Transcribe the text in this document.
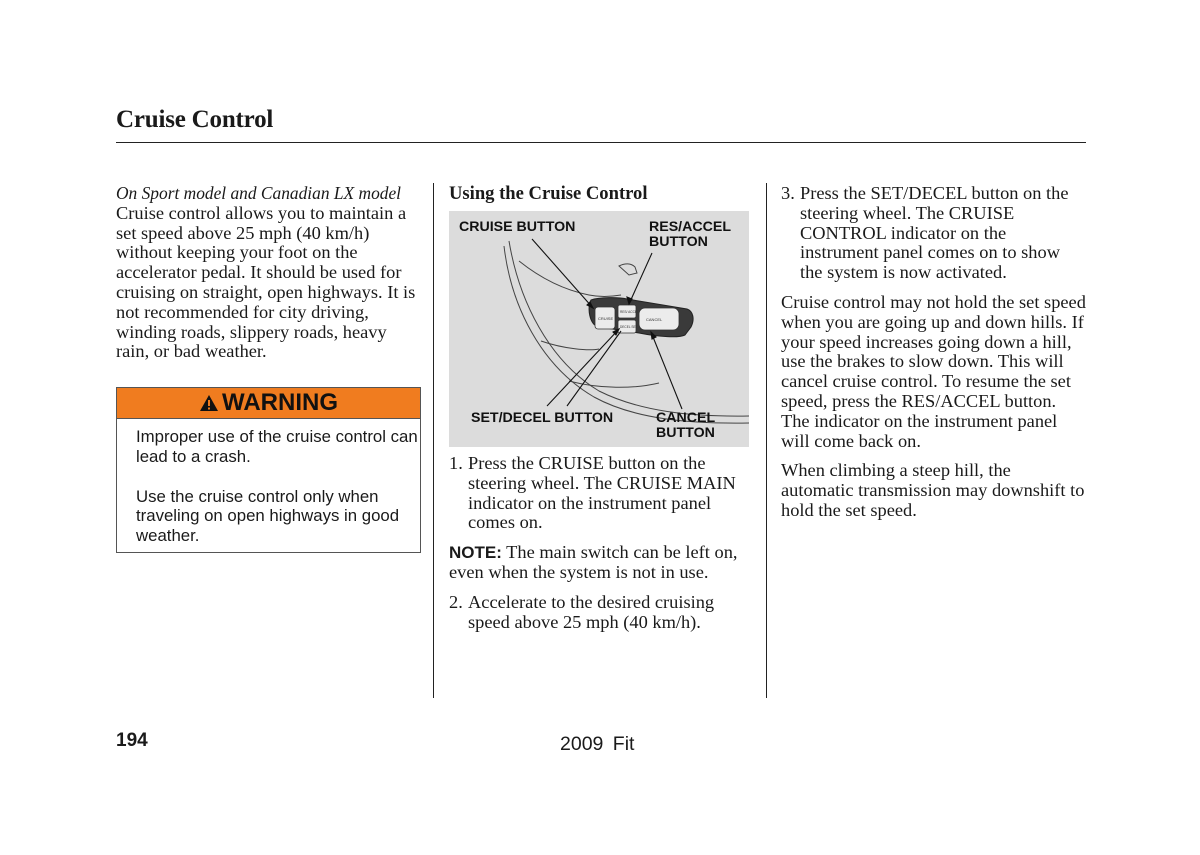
Cruise Control

On Sport model and Canadian LX model

Cruise control allows you to maintain a set speed above 25 mph (40 km/h) without keeping your foot on the accelerator pedal. It should be used for cruising on straight, open highways. It is not recommended for city driving, winding roads, slippery roads, heavy rain, or bad weather.

WARNING

Improper use of the cruise control can lead to a crash.

Use the cruise control only when traveling on open highways in good weather.

Using the Cruise Control
CRUISE
RES/ ACCEL
DECEL SET
CANCEL
CRUISE BUTTON	RES/ACCEL
BUTTON
SET/DECEL BUTTON	CANCEL
BUTTON
1. Press the CRUISE button on the steering wheel. The CRUISE MAIN indicator on the instrument panel comes on.

NOTE: The main switch can be left on, even when the system is not in use.

2. Accelerate to the desired cruising speed above 25 mph (40 km/h).
3. Press the SET/DECEL button on the steering wheel. The CRUISE CONTROL indicator on the instrument panel comes on to show the system is now activated.

Cruise control may not hold the set speed when you are going up and down hills. If your speed increases going down a hill, use the brakes to slow down. This will cancel cruise control. To resume the set speed, press the RES/ACCEL button. The indicator on the instrument panel will come back on.

When climbing a steep hill, the automatic transmission may downshift to hold the set speed.

194	2009 Fit
